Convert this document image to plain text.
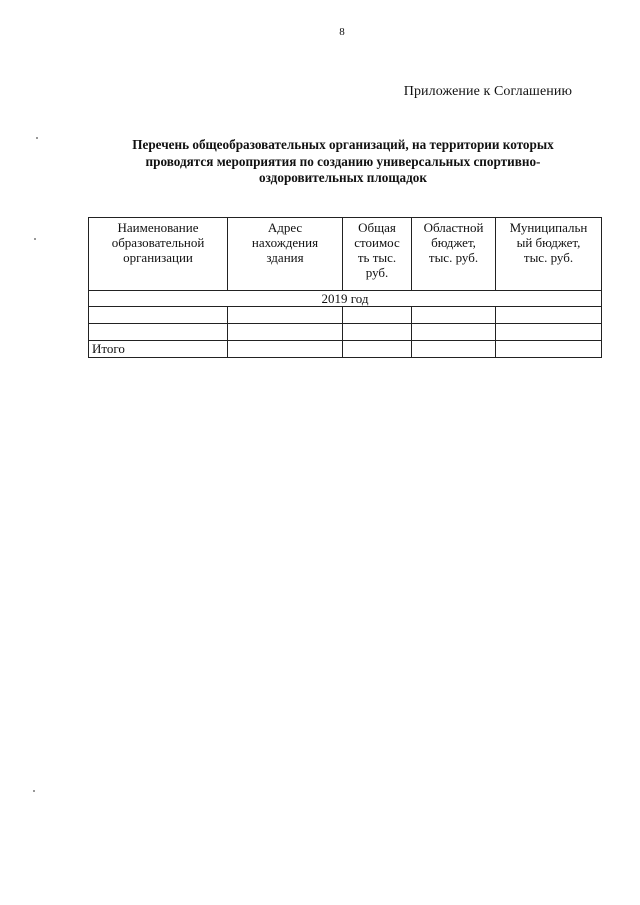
8
Приложение к Соглашению
Перечень общеобразовательных организаций, на территории которых
проводятся мероприятия по созданию универсальных спортивно-
оздоровительных площадок
Наименование
образовательной
организации	Адрес
нахождения
здания	Общая
стоимос
ть тыс.
руб.	Областной
бюджет,
тыс. руб.	Муниципальн
ый бюджет,
тыс. руб.

2019 год				

Итого				
